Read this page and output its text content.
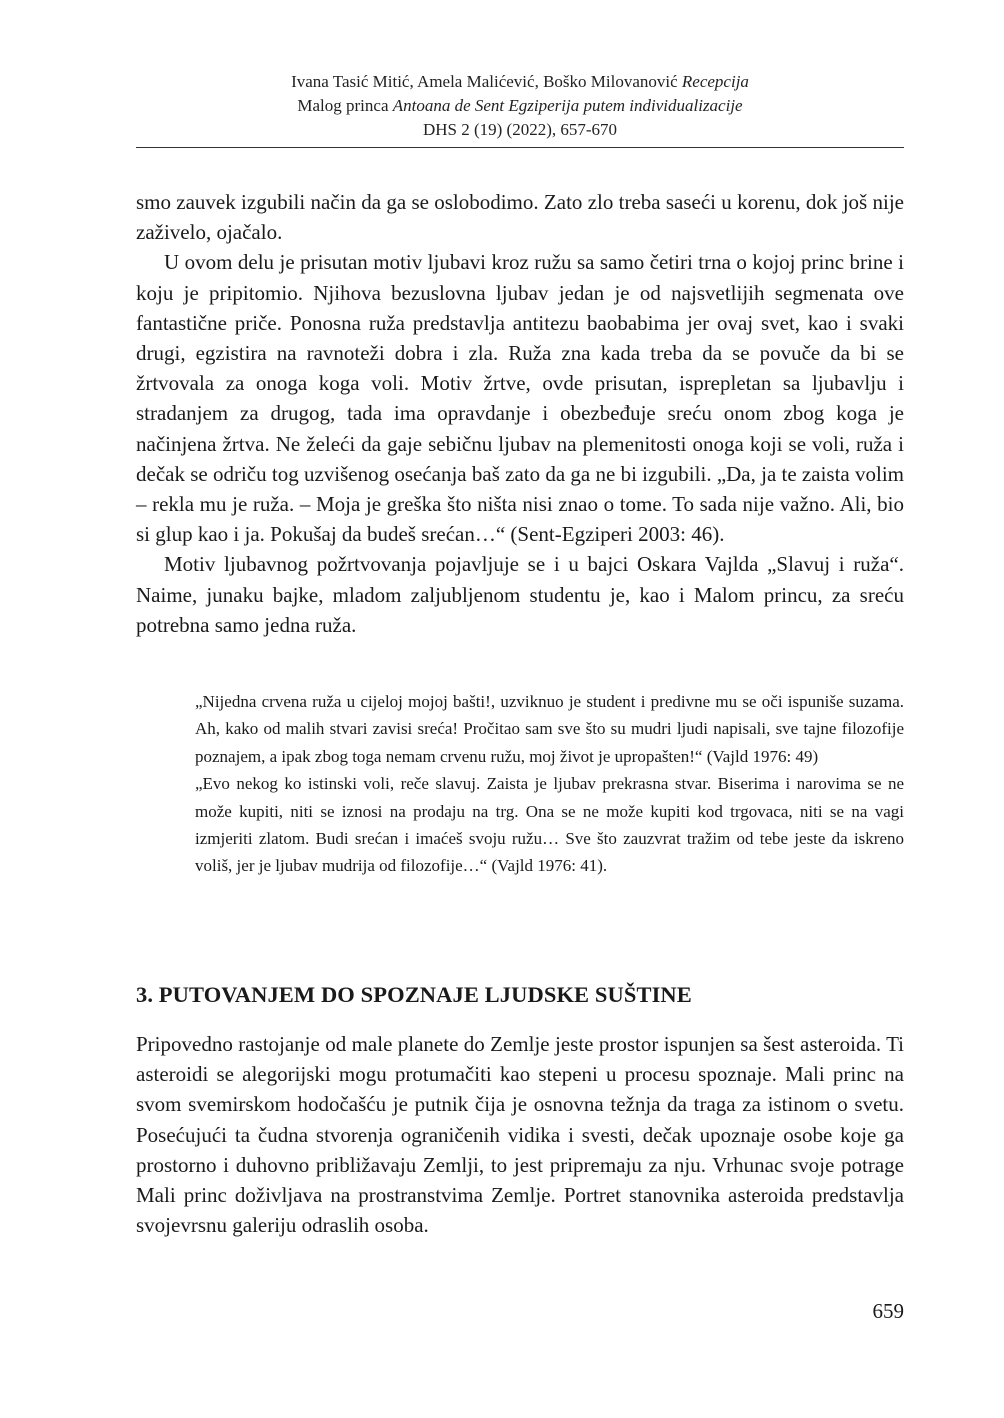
Ivana Tasić Mitić, Amela Malićević, Boško Milovanović Recepcija
Malog princa Antoana de Sent Egziperija putem individualizacije
DHS 2 (19) (2022), 657-670

smo zauvek izgubili način da ga se oslobodimo. Zato zlo treba saseći u korenu, dok još nije zaživelo, ojačalo.

U ovom delu je prisutan motiv ljubavi kroz ružu sa samo četiri trna o kojoj princ brine i koju je pripitomio. Njihova bezuslovna ljubav jedan je od najsvetlijih segmenata ove fantastične priče. Ponosna ruža predstavlja antitezu baobabima jer ovaj svet, kao i svaki drugi, egzistira na ravnoteži dobra i zla. Ruža zna kada treba da se povuče da bi se žrtvovala za onoga koga voli. Motiv žrtve, ovde prisutan, isprepletan sa ljubavlju i stradanjem za drugog, tada ima opravdanje i obezbeđuje sreću onom zbog koga je načinjena žrtva. Ne želeći da gaje sebičnu ljubav na plemenitosti onoga koji se voli, ruža i dečak se odriču tog uzvišenog osećanja baš zato da ga ne bi izgubili. „Da, ja te zaista volim – rekla mu je ruža. – Moja je greška što ništa nisi znao o tome. To sada nije važno. Ali, bio si glup kao i ja. Pokušaj da budeš srećan…“ (Sent-Egziperi 2003: 46).

Motiv ljubavnog požrtvovanja pojavljuje se i u bajci Oskara Vajlda „Slavuj i ruža“. Naime, junaku bajke, mladom zaljubljenom studentu je, kao i Malom princu, za sreću potrebna samo jedna ruža.

„Nijedna crvena ruža u cijeloj mojoj bašti!, uzviknuo je student i predivne mu se oči ispuniše suzama. Ah, kako od malih stvari zavisi sreća! Pročitao sam sve što su mudri ljudi napisali, sve tajne filozofije poznajem, a ipak zbog toga nemam crvenu ružu, moj život je upropašten!“ (Vajld 1976: 49)

„Evo nekog ko istinski voli, reče slavuj. Zaista je ljubav prekrasna stvar. Biserima i narovima se ne može kupiti, niti se iznosi na prodaju na trg. Ona se ne može kupiti kod trgovaca, niti se na vagi izmjeriti zlatom. Budi srećan i imaćeš svoju ružu… Sve što zauzvrat tražim od tebe jeste da iskreno voliš, jer je ljubav mudrija od filozofije…“ (Vajld 1976: 41).

3. PUTOVANJEM DO SPOZNAJE LJUDSKE SUŠTINE

Pripovedno rastojanje od male planete do Zemlje jeste prostor ispunjen sa šest asteroida. Ti asteroidi se alegorijski mogu protumačiti kao stepeni u procesu spoznaje. Mali princ na svom svemirskom hodočašću je putnik čija je osnovna težnja da traga za istinom o svetu. Posećujući ta čudna stvorenja ograničenih vidika i svesti, dečak upoznaje osobe koje ga prostorno i duhovno približavaju Zemlji, to jest pripremaju za nju. Vrhunac svoje potrage Mali princ doživljava na prostranstvima Zemlje. Portret stanovnika asteroida predstavlja svojevrsnu galeriju odraslih osoba.

659
